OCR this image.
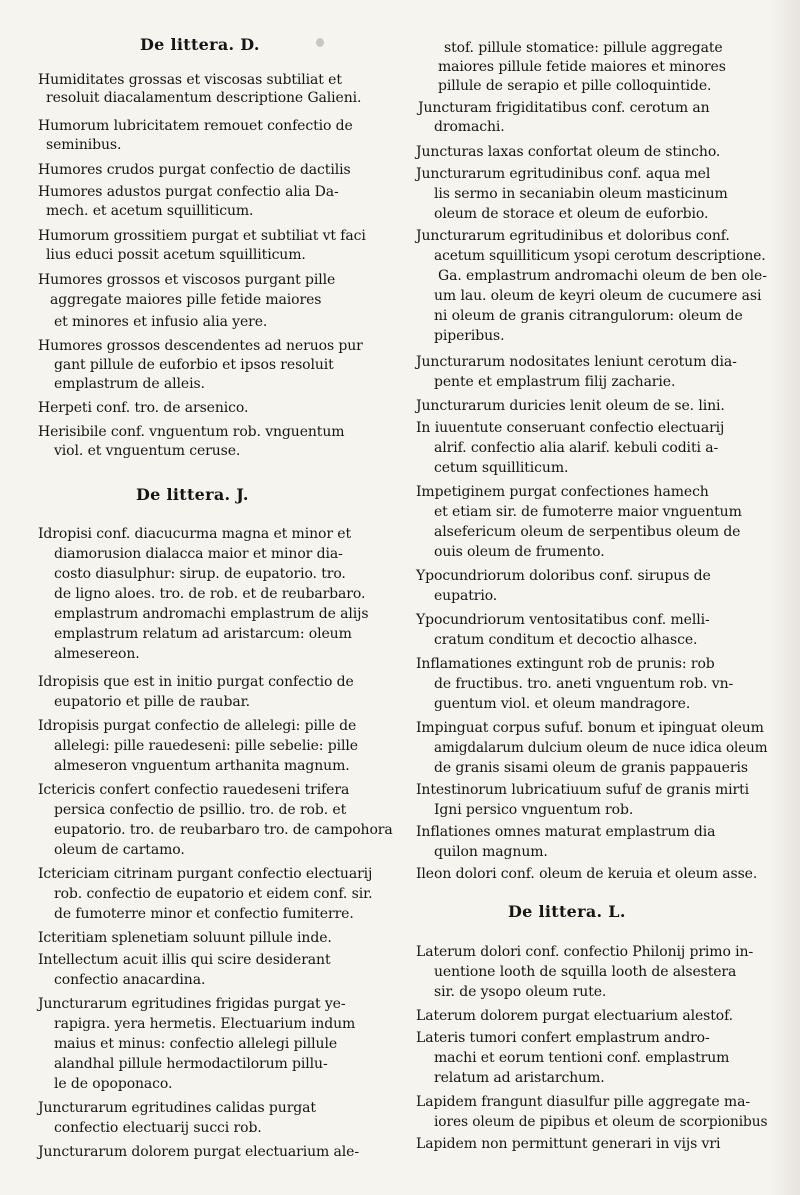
De littera. D.
Humiditates grossas et viscosas subtiliat et
resoluit diacalamentum descriptione Galieni.
Humorum lubricitatem remouet confectio de
seminibus.
Humores crudos purgat confectio de dactilis
Humores adustos purgat confectio alia Da-
mech. et acetum squilliticum.
Humorum grossitiem purgat et subtiliat vt faci
lius educi possit acetum squilliticum.
Humores grossos et viscosos purgant pille
aggregate maiores pille fetide maiores
et minores et infusio alia yere.
Humores grossos descendentes ad neruos pur
gant pillule de euforbio et ipsos resoluit
emplastrum de alleis.
Herpeti conf. tro. de arsenico.
Herisibile conf. vnguentum rob. vnguentum
viol. et vnguentum ceruse.
De littera. J.
Idropisi conf. diacucurma magna et minor et
diamorusion dialacca maior et minor dia-
costo diasulphur: sirup. de eupatorio. tro.
de ligno aloes. tro. de rob. et de reubarbaro.
emplastrum andromachi emplastrum de alijs
emplastrum relatum ad aristarcum: oleum
almesereon.
Idropisis que est in initio purgat confectio de
eupatorio et pille de raubar.
Idropisis purgat confectio de allelegi: pille de
allelegi: pille rauedeseni: pille sebelie: pille
almeseron vnguentum arthanita magnum.
Ictericis confert confectio rauedeseni trifera
persica confectio de psillio. tro. de rob. et
eupatorio. tro. de reubarbaro tro. de campohora
oleum de cartamo.
Ictericiam citrinam purgant confectio electuarij
rob. confectio de eupatorio et eidem conf. sir.
de fumoterre minor et confectio fumiterre.
Icteritiam splenetiam soluunt pillule inde.
Intellectum acuit illis qui scire desiderant
confectio anacardina.
Juncturarum egritudines frigidas purgat ye-
rapigra. yera hermetis. Electuarium indum
maius et minus: confectio allelegi pillule
alandhal pillule hermodactilorum pillu-
le de opoponaco.
Juncturarum egritudines calidas purgat
confectio electuarij succi rob.
Juncturarum dolorem purgat electuarium ale-
stof. pillule stomatice: pillule aggregate
maiores pillule fetide maiores et minores
pillule de serapio et pille colloquintide.
Juncturam frigiditatibus conf. cerotum an
dromachi.
Juncturas laxas confortat oleum de stincho.
Juncturarum egritudinibus conf. aqua mel
lis sermo in secaniabin oleum masticinum
oleum de storace et oleum de euforbio.
Juncturarum egritudinibus et doloribus conf.
acetum squilliticum ysopi cerotum descriptione.
Ga. emplastrum andromachi oleum de ben ole-
um lau. oleum de keyri oleum de cucumere asi
ni oleum de granis citrangulorum: oleum de
piperibus.
Juncturarum nodositates leniunt cerotum dia-
pente et emplastrum filij zacharie.
Juncturarum duricies lenit oleum de se. lini.
In iuuentute conseruant confectio electuarij
alrif. confectio alia alarif. kebuli coditi a-
cetum squilliticum.
Impetiginem purgat confectiones hamech
et etiam sir. de fumoterre maior vnguentum
alsefericum oleum de serpentibus oleum de
ouis oleum de frumento.
Ypocundriorum doloribus conf. sirupus de
eupatrio.
Ypocundriorum ventositatibus conf. melli-
cratum conditum et decoctio alhasce.
Inflamationes extingunt rob de prunis: rob
de fructibus. tro. aneti vnguentum rob. vn-
guentum viol. et oleum mandragore.
Impinguat corpus sufuf. bonum et ipinguat oleum
amigdalarum dulcium oleum de nuce idica oleum
de granis sisami oleum de granis pappaueris
Intestinorum lubricatiuum sufuf de granis mirti
Igni persico vnguentum rob.
Inflationes omnes maturat emplastrum dia
quilon magnum.
Ileon dolori conf. oleum de keruia et oleum asse.
De littera. L.
Laterum dolori conf. confectio Philonij primo in-
uentione looth de squilla looth de alsestera
sir. de ysopo oleum rute.
Laterum dolorem purgat electuarium alestof.
Lateris tumori confert emplastrum andro-
machi et eorum tentioni conf. emplastrum
relatum ad aristarchum.
Lapidem frangunt diasulfur pille aggregate ma-
iores oleum de pipibus et oleum de scorpionibus
Lapidem non permittunt generari in vijs vri
